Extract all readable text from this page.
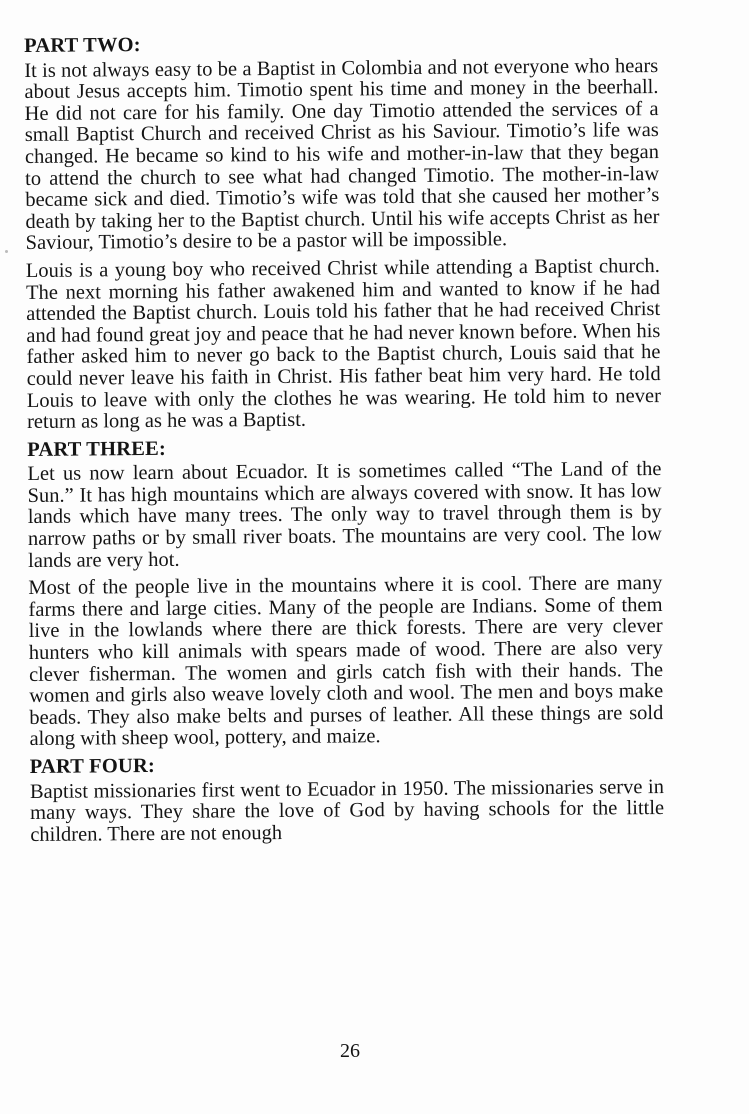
PART TWO:

It is not always easy to be a Baptist in Colombia and not everyone who hears about Jesus accepts him. Timotio spent his time and money in the beerhall. He did not care for his family. One day Timotio attended the services of a small Baptist Church and received Christ as his Saviour. Timotio’s life was changed. He became so kind to his wife and mother-in-law that they began to attend the church to see what had changed Timotio. The mother-in-law became sick and died. Timotio’s wife was told that she caused her mother’s death by taking her to the Baptist church. Until his wife accepts Christ as her Saviour, Timotio’s desire to be a pastor will be impossible.

Louis is a young boy who received Christ while attending a Baptist church. The next morning his father awakened him and wanted to know if he had attended the Baptist church. Louis told his father that he had received Christ and had found great joy and peace that he had never known before. When his father asked him to never go back to the Baptist church, Louis said that he could never leave his faith in Christ. His father beat him very hard. He told Louis to leave with only the clothes he was wearing. He told him to never return as long as he was a Baptist.

PART THREE:

Let us now learn about Ecuador. It is sometimes called “The Land of the Sun.” It has high mountains which are always covered with snow. It has low lands which have many trees. The only way to travel through them is by narrow paths or by small river boats. The mountains are very cool. The low lands are very hot.

Most of the people live in the mountains where it is cool. There are many farms there and large cities. Many of the people are Indians. Some of them live in the lowlands where there are thick forests. There are very clever hunters who kill animals with spears made of wood. There are also very clever fisherman. The women and girls catch fish with their hands. The women and girls also weave lovely cloth and wool. The men and boys make beads. They also make belts and purses of leather. All these things are sold along with sheep wool, pottery, and maize.

PART FOUR:

Baptist missionaries first went to Ecuador in 1950. The missionaries serve in many ways. They share the love of God by having schools for the little children. There are not enough

26
